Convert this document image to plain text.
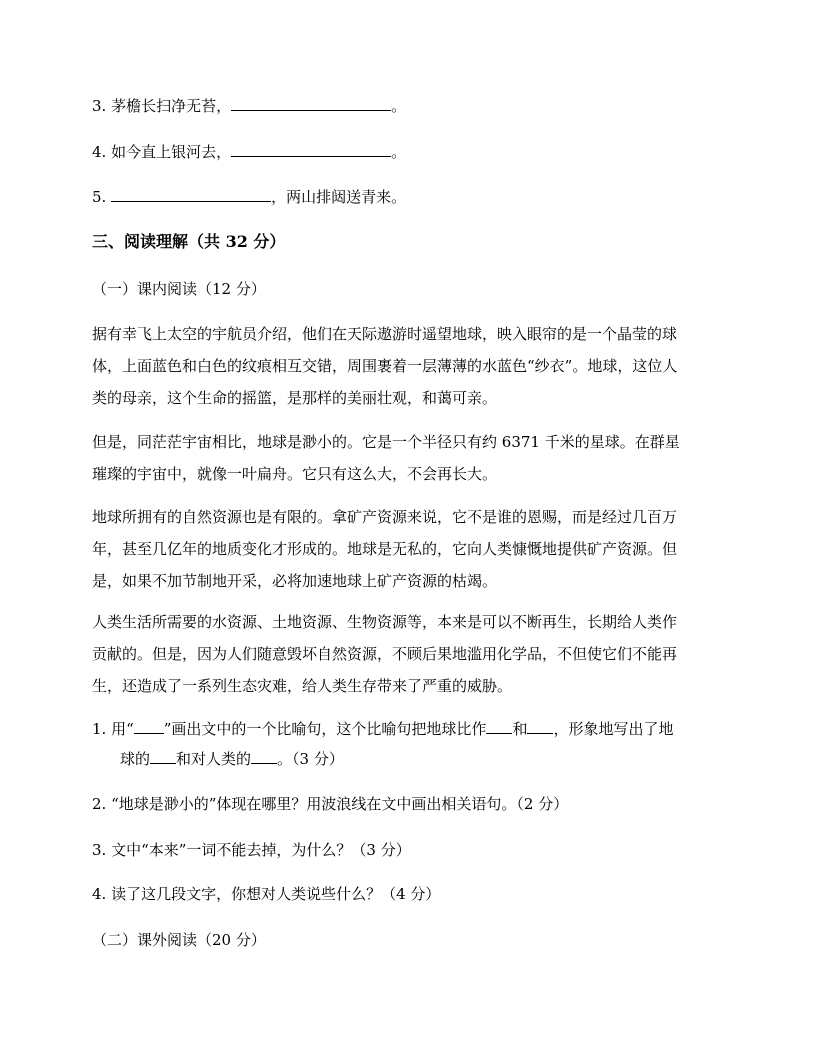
3. 茅檐长扫净无苔，	。
4. 如今直上银河去，	。
5.	，两山排闼送青来。
三、阅读理解（共 32 分）
（一）课内阅读（12 分）
据有幸飞上太空的宇航员介绍，他们在天际遨游时遥望地球，映入眼帘的是一个晶莹的球
体，上面蓝色和白色的纹痕相互交错，周围裹着一层薄薄的水蓝色“纱衣”。地球，这位人
类的母亲，这个生命的摇篮，是那样的美丽壮观，和蔼可亲。
但是，同茫茫宇宙相比，地球是渺小的。它是一个半径只有约 6371 千米的星球。在群星
璀璨的宇宙中，就像一叶扁舟。它只有这么大，不会再长大。
地球所拥有的自然资源也是有限的。拿矿产资源来说，它不是谁的恩赐，而是经过几百万
年，甚至几亿年的地质变化才形成的。地球是无私的，它向人类慷慨地提供矿产资源。但
是，如果不加节制地开采，必将加速地球上矿产资源的枯竭。
人类生活所需要的水资源、土地资源、生物资源等，本来是可以不断再生，长期给人类作
贡献的。但是，因为人们随意毁坏自然资源，不顾后果地滥用化学品，不但使它们不能再
生，还造成了一系列生态灾难，给人类生存带来了严重的威胁。
1. 用“ ”画出文中的一个比喻句，这个比喻句把地球比作 和 ，形象地写出了地
球的 和对人类的 。（3 分）
2. “地球是渺小的”体现在哪里？用波浪线在文中画出相关语句。（2 分）
3. 文中“本来”一词不能去掉，为什么？（3 分）
4. 读了这几段文字，你想对人类说些什么？（4 分）
（二）课外阅读（20 分）
